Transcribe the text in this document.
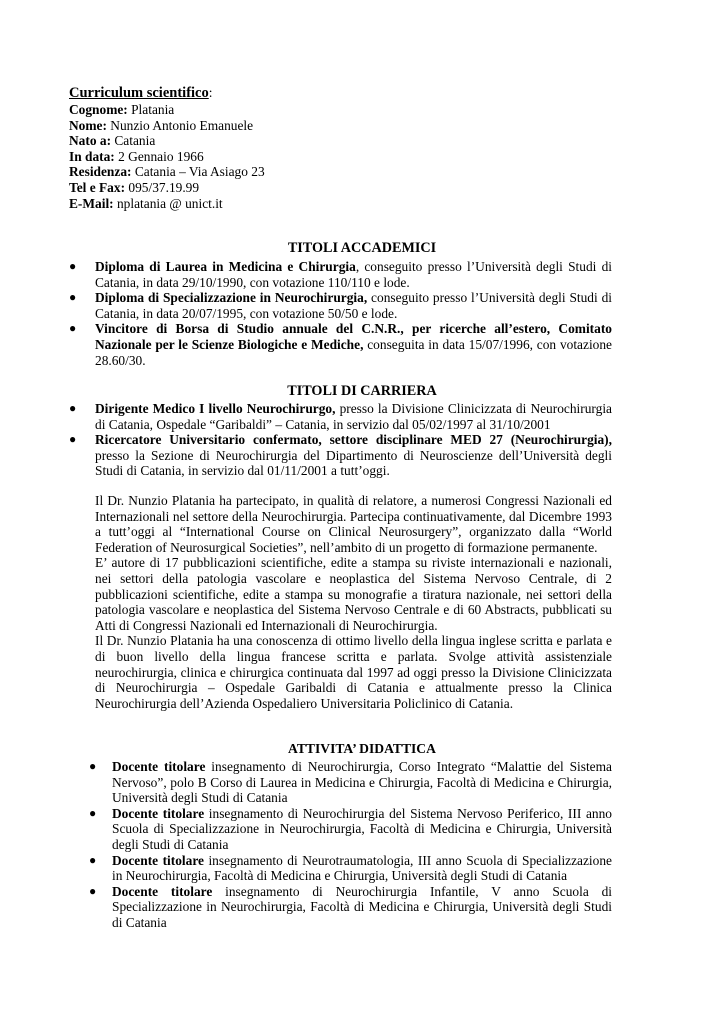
Curriculum scientifico:
Cognome: Platania
Nome: Nunzio Antonio Emanuele
Nato a: Catania
In data: 2 Gennaio 1966
Residenza: Catania – Via Asiago 23
Tel e Fax: 095/37.19.99
E-Mail: nplatania @ unict.it
TITOLI ACCADEMICI
● Diploma di Laurea in Medicina e Chirurgia, conseguito presso l’Università degli Studi di Catania, in data 29/10/1990, con votazione 110/110 e lode.
● Diploma di Specializzazione in Neurochirurgia, conseguito presso l’Università degli Studi di Catania, in data 20/07/1995, con votazione 50/50 e lode.
● Vincitore di Borsa di Studio annuale del C.N.R., per ricerche all’estero, Comitato Nazionale per le Scienze Biologiche e Mediche, conseguita in data 15/07/1996, con votazione 28.60/30.
TITOLI DI CARRIERA
● Dirigente Medico I livello Neurochirurgo, presso la Divisione Clinicizzata di Neurochirurgia di Catania, Ospedale “Garibaldi” – Catania, in servizio dal 05/02/1997 al 31/10/2001
● Ricercatore Universitario confermato, settore disciplinare MED 27 (Neurochirurgia), presso la Sezione di Neurochirurgia del Dipartimento di Neuroscienze dell’Università degli Studi di Catania, in servizio dal 01/11/2001 a tutt’oggi.
Il Dr. Nunzio Platania ha partecipato, in qualità di relatore, a numerosi Congressi Nazionali ed Internazionali nel settore della Neurochirurgia. Partecipa continuativamente, dal Dicembre 1993 a tutt’oggi al “International Course on Clinical Neurosurgery”, organizzato dalla “World Federation of Neurosurgical Societies”, nell’ambito di un progetto di formazione permanente.
E’ autore di 17 pubblicazioni scientifiche, edite a stampa su riviste internazionali e nazionali, nei settori della patologia vascolare e neoplastica del Sistema Nervoso Centrale, di 2 pubblicazioni scientifiche, edite a stampa su monografie a tiratura nazionale, nei settori della patologia vascolare e neoplastica del Sistema Nervoso Centrale e di 60 Abstracts, pubblicati su Atti di Congressi Nazionali ed Internazionali di Neurochirurgia.
Il Dr. Nunzio Platania ha una conoscenza di ottimo livello della lingua inglese scritta e parlata e di buon livello della lingua francese scritta e parlata. Svolge attività assistenziale neurochirurgia, clinica e chirurgica continuata dal 1997 ad oggi presso la Divisione Clinicizzata di Neurochirurgia – Ospedale Garibaldi di Catania e attualmente presso la Clinica Neurochirurgia dell’Azienda Ospedaliero Universitaria Policlinico di Catania.
ATTIVITA’ DIDATTICA
● Docente titolare insegnamento di Neurochirurgia, Corso Integrato “Malattie del Sistema Nervoso”, polo B Corso di Laurea in Medicina e Chirurgia, Facoltà di Medicina e Chirurgia, Università degli Studi di Catania
● Docente titolare insegnamento di Neurochirurgia del Sistema Nervoso Periferico, III anno Scuola di Specializzazione in Neurochirurgia, Facoltà di Medicina e Chirurgia, Università degli Studi di Catania
● Docente titolare insegnamento di Neurotraumatologia, III anno Scuola di Specializzazione in Neurochirurgia, Facoltà di Medicina e Chirurgia, Università degli Studi di Catania
● Docente titolare insegnamento di Neurochirurgia Infantile, V anno Scuola di Specializzazione in Neurochirurgia, Facoltà di Medicina e Chirurgia, Università degli Studi di Catania
